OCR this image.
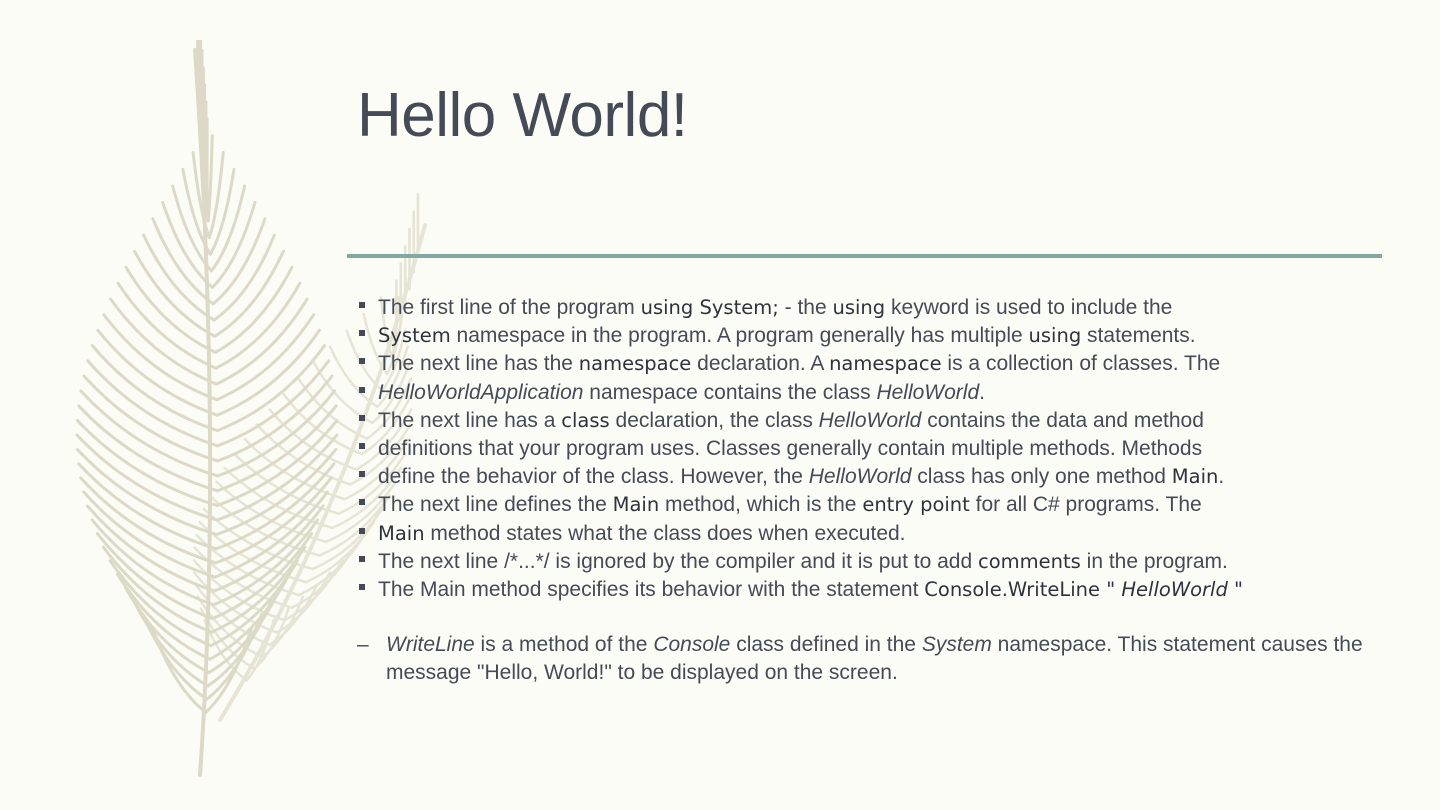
Hello World!
The first line of the program using System; - the using keyword is used to include the
System namespace in the program. A program generally has multiple using statements.
The next line has the namespace declaration. A namespace is a collection of classes. The
HelloWorldApplication namespace contains the class HelloWorld.
The next line has a class declaration, the class HelloWorld contains the data and method
definitions that your program uses. Classes generally contain multiple methods. Methods
define the behavior of the class. However, the HelloWorld class has only one method Main.
The next line defines the Main method, which is the entry point for all C# programs. The
Main method states what the class does when executed.
The next line /*...*/ is ignored by the compiler and it is put to add comments in the program.
The Main method specifies its behavior with the statement Console.WriteLine " HelloWorld "
– WriteLine is a method of the Console class defined in the System namespace. This statement causes the message "Hello, World!" to be displayed on the screen.
